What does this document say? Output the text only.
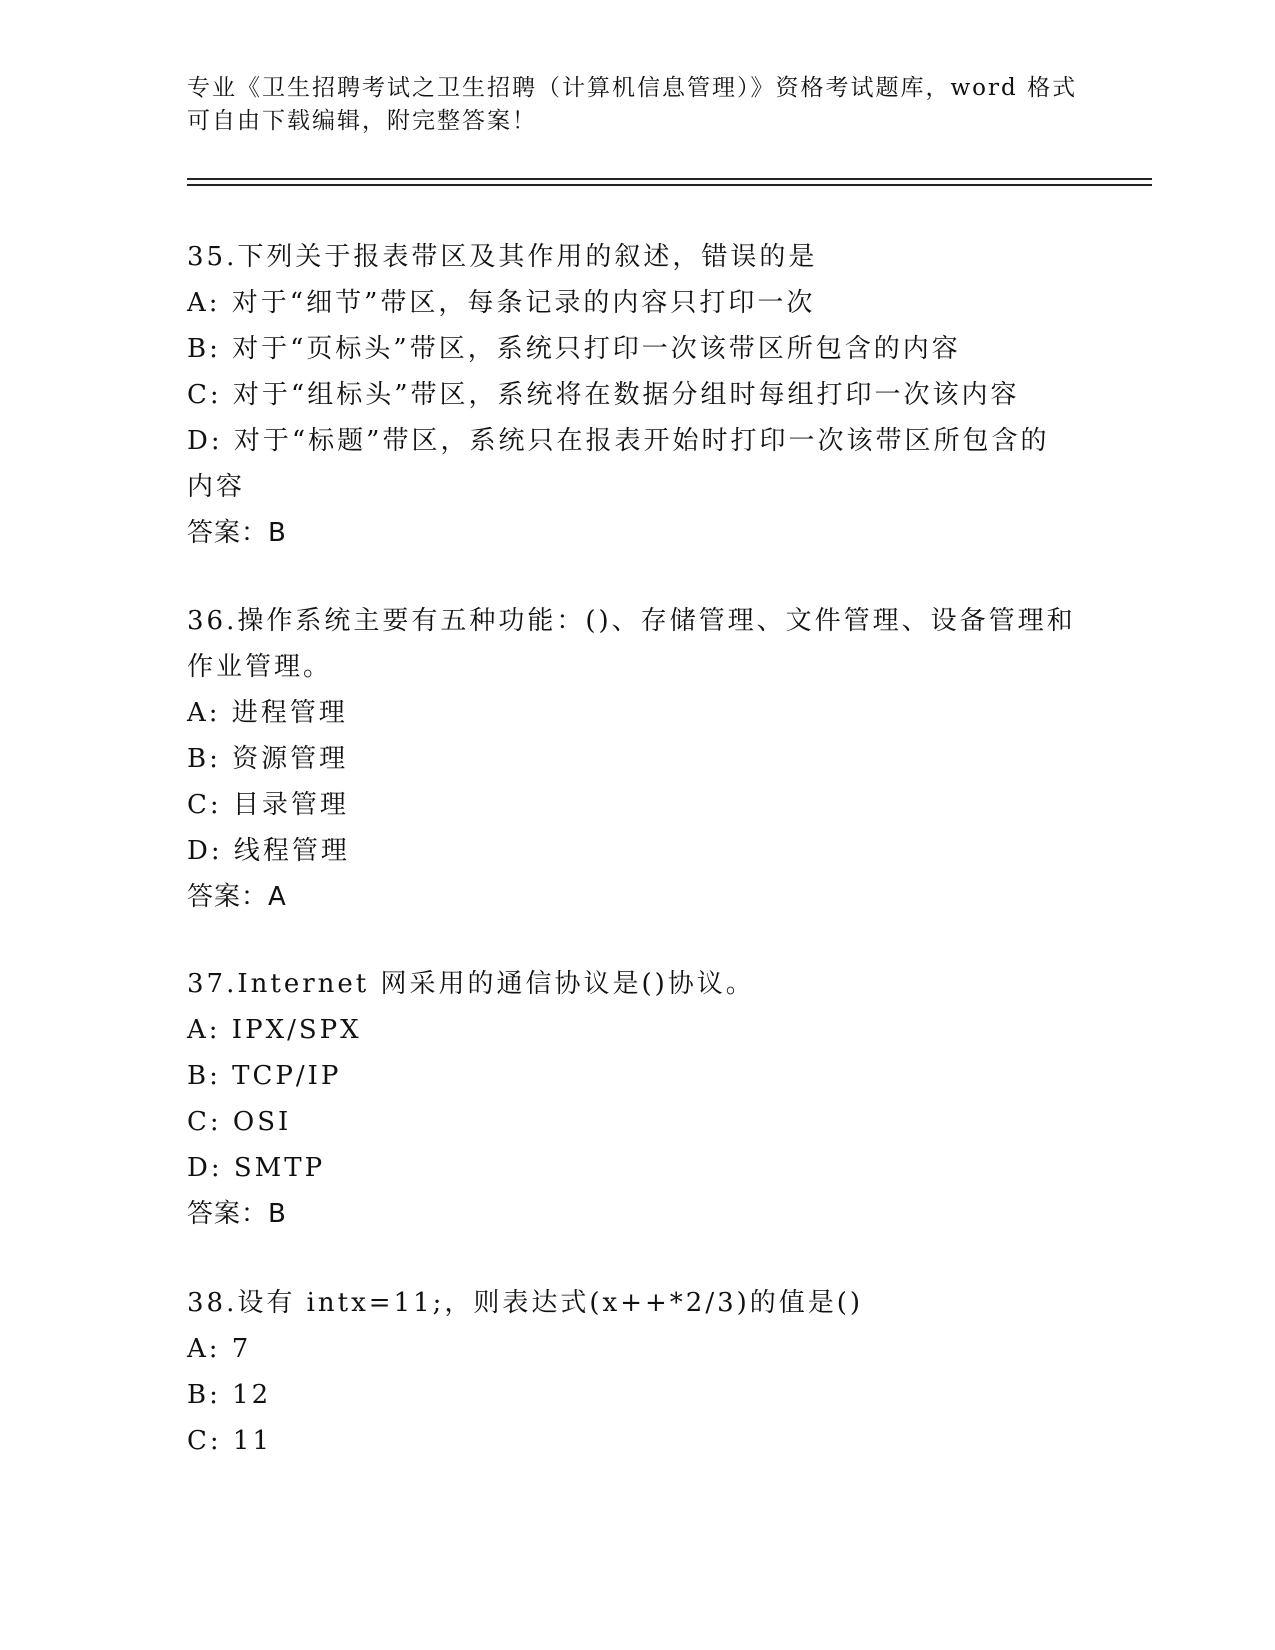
专业《卫生招聘考试之卫生招聘（计算机信息管理）》资格考试题库，word 格式
可自由下载编辑，附完整答案！
35.下列关于报表带区及其作用的叙述，错误的是
A: 对于“细节”带区，每条记录的内容只打印一次
B: 对于“页标头”带区，系统只打印一次该带区所包含的内容
C: 对于“组标头”带区，系统将在数据分组时每组打印一次该内容
D: 对于“标题”带区，系统只在报表开始时打印一次该带区所包含的
内容
答案：B
36.操作系统主要有五种功能：()、存储管理、文件管理、设备管理和
作业管理。
A: 进程管理
B: 资源管理
C: 目录管理
D: 线程管理
答案：A
37.Internet 网采用的通信协议是()协议。
A: IPX/SPX
B: TCP/IP
C: OSI
D: SMTP
答案：B
38.设有 intx=11;，则表达式(x++*2/3)的值是()
A: 7
B: 12
C: 11
